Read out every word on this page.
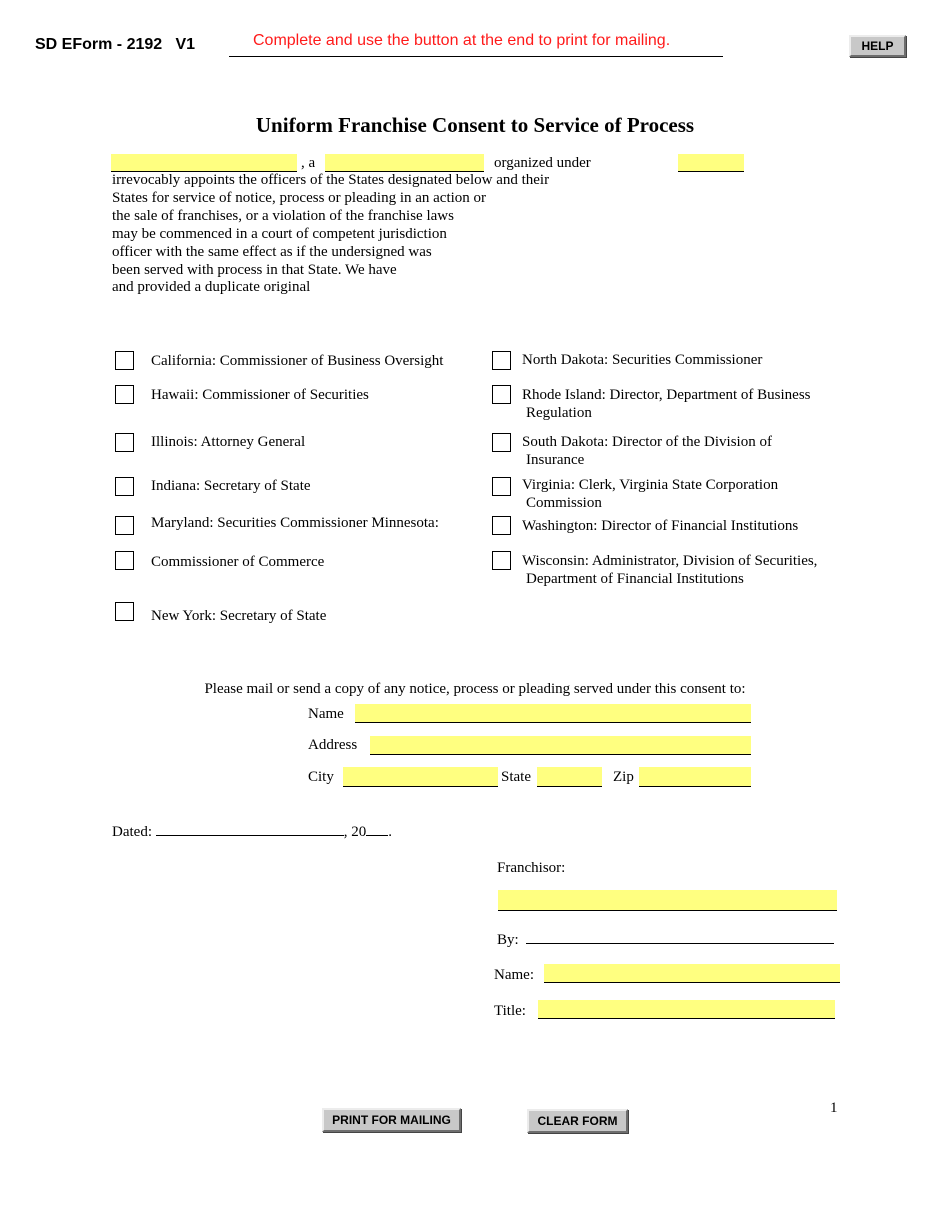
SD EForm - 2192   V1	Complete and use the button at the end to print for mailing.	HELP
Uniform Franchise Consent to Service of Process
, a	organized under
irrevocably appoints the officers of the States designated below and their
States for service of notice, process or pleading in an action or
the sale of franchises, or a violation of the franchise laws
may be commenced in a court of competent jurisdiction
officer with the same effect as if the undersigned was
been served with process in that State. We have
and provided a duplicate original
California: Commissioner of Business Oversight
Hawaii: Commissioner of Securities
Illinois: Attorney General
Indiana: Secretary of State
Maryland: Securities Commissioner Minnesota:
Commissioner of Commerce
New York: Secretary of State
North Dakota: Securities Commissioner
Rhode Island: Director, Department of Business
Regulation
South Dakota: Director of the Division of
Insurance
Virginia: Clerk, Virginia State Corporation
Commission
Washington: Director of Financial Institutions
Wisconsin: Administrator, Division of Securities,
Department of Financial Institutions
Please mail or send a copy of any notice, process or pleading served under this consent to:
Name
Address
City	State	Zip
Dated:	, 20 .
Franchisor:
By:
Name:
Title:
1
PRINT FOR MAILING	CLEAR FORM
